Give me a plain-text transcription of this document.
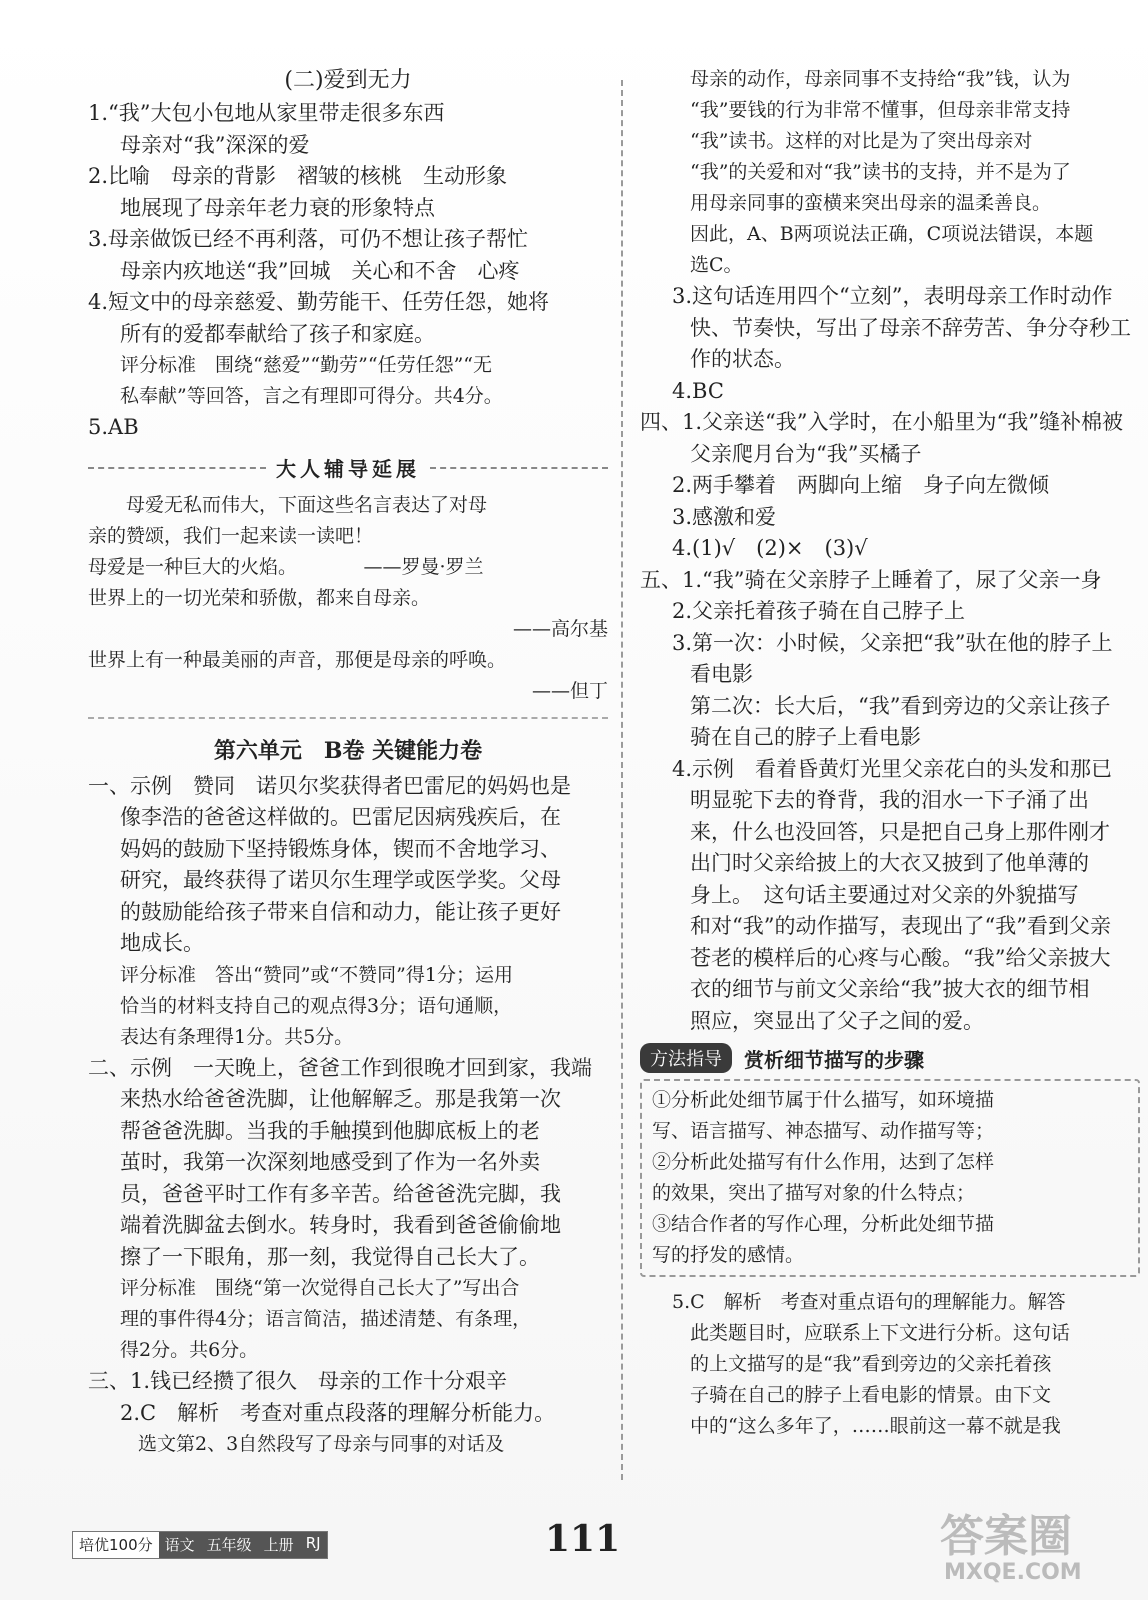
(二)爱到无力
1.“我”大包小包地从家里带走很多东西
母亲对“我”深深的爱
2.比喻　母亲的背影　褶皱的核桃　生动形象
地展现了母亲年老力衰的形象特点
3.母亲做饭已经不再利落，可仍不想让孩子帮忙
母亲内疚地送“我”回城　关心和不舍　心疼
4.短文中的母亲慈爱、勤劳能干、任劳任怨，她将
所有的爱都奉献给了孩子和家庭。
评分标准　围绕“慈爱”“勤劳”“任劳任怨”“无
私奉献”等回答，言之有理即可得分。共4分。
5.AB
大人辅导延展
　　母爱无私而伟大，下面这些名言表达了对母
亲的赞颂，我们一起来读一读吧！
母爱是一种巨大的火焰。　　　　——罗曼·罗兰
世界上的一切光荣和骄傲，都来自母亲。
——高尔基
世界上有一种最美丽的声音，那便是母亲的呼唤。
——但丁
第六单元　B卷 关键能力卷
一、示例　赞同　诺贝尔奖获得者巴雷尼的妈妈也是
像李浩的爸爸这样做的。巴雷尼因病残疾后，在
妈妈的鼓励下坚持锻炼身体，锲而不舍地学习、
研究，最终获得了诺贝尔生理学或医学奖。父母
的鼓励能给孩子带来自信和动力，能让孩子更好
地成长。
评分标准　答出“赞同”或“不赞同”得1分；运用
恰当的材料支持自己的观点得3分；语句通顺，
表达有条理得1分。共5分。
二、示例　一天晚上，爸爸工作到很晚才回到家，我端
来热水给爸爸洗脚，让他解解乏。那是我第一次
帮爸爸洗脚。当我的手触摸到他脚底板上的老
茧时，我第一次深刻地感受到了作为一名外卖
员，爸爸平时工作有多辛苦。给爸爸洗完脚，我
端着洗脚盆去倒水。转身时，我看到爸爸偷偷地
擦了一下眼角，那一刻，我觉得自己长大了。
评分标准　围绕“第一次觉得自己长大了”写出合
理的事件得4分；语言简洁，描述清楚、有条理，
得2分。共6分。
三、1.钱已经攒了很久　母亲的工作十分艰辛
2.C　解析　考查对重点段落的理解分析能力。
选文第2、3自然段写了母亲与同事的对话及
母亲的动作，母亲同事不支持给“我”钱，认为
“我”要钱的行为非常不懂事，但母亲非常支持
“我”读书。这样的对比是为了突出母亲对
“我”的关爱和对“我”读书的支持，并不是为了
用母亲同事的蛮横来突出母亲的温柔善良。
因此，A、B两项说法正确，C项说法错误，本题
选C。
3.这句话连用四个“立刻”，表明母亲工作时动作
快、节奏快，写出了母亲不辞劳苦、争分夺秒工
作的状态。
4.BC
四、1.父亲送“我”入学时，在小船里为“我”缝补棉被
父亲爬月台为“我”买橘子
2.两手攀着　两脚向上缩　身子向左微倾
3.感激和爱
4.(1)√　(2)×　(3)√
五、1.“我”骑在父亲脖子上睡着了，尿了父亲一身
2.父亲托着孩子骑在自己脖子上
3.第一次：小时候，父亲把“我”驮在他的脖子上
看电影
第二次：长大后，“我”看到旁边的父亲让孩子
骑在自己的脖子上看电影
4.示例　看着昏黄灯光里父亲花白的头发和那已
明显驼下去的脊背，我的泪水一下子涌了出
来，什么也没回答，只是把自己身上那件刚才
出门时父亲给披上的大衣又披到了他单薄的
身上。　这句话主要通过对父亲的外貌描写
和对“我”的动作描写，表现出了“我”看到父亲
苍老的模样后的心疼与心酸。“我”给父亲披大
衣的细节与前文父亲给“我”披大衣的细节相
照应，突显出了父子之间的爱。
方法指导	赏析细节描写的步骤
①分析此处细节属于什么描写，如环境描
写、语言描写、神态描写、动作描写等；
②分析此处描写有什么作用，达到了怎样
的效果，突出了描写对象的什么特点；
③结合作者的写作心理，分析此处细节描
写的抒发的感情。
5.C　解析　考查对重点语句的理解能力。解答
此类题目时，应联系上下文进行分析。这句话
的上文描写的是“我”看到旁边的父亲托着孩
子骑在自己的脖子上看电影的情景。由下文
中的“这么多年了，……眼前这一幕不就是我
培优100分 语文 五年级 上册 RJ	111	答案圈
MXQE.COM
